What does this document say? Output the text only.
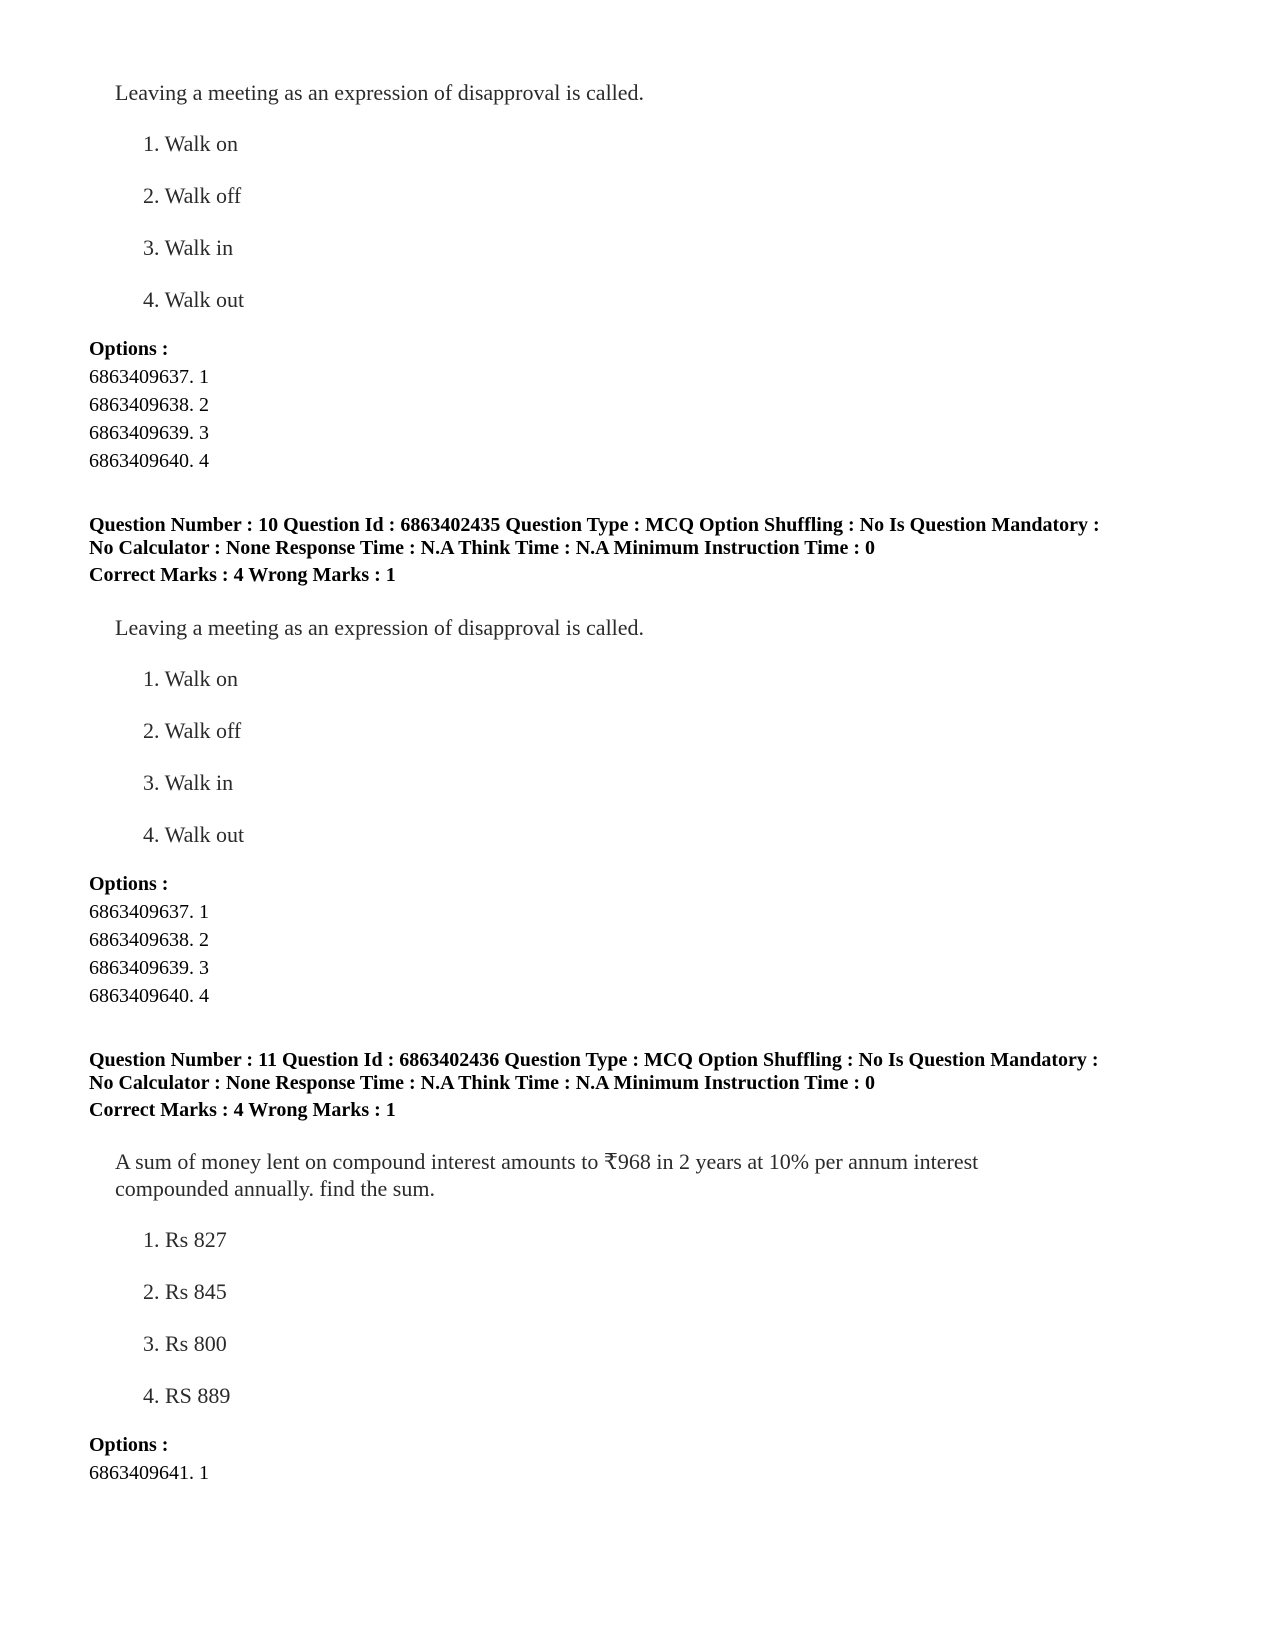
Leaving a meeting as an expression of disapproval is called.
1. Walk on
2. Walk off
3. Walk in
4. Walk out
Options :
6863409637. 1
6863409638. 2
6863409639. 3
6863409640. 4
Question Number : 10 Question Id : 6863402435 Question Type : MCQ Option Shuffling : No Is Question Mandatory :
No Calculator : None Response Time : N.A Think Time : N.A Minimum Instruction Time : 0
Correct Marks : 4 Wrong Marks : 1
Leaving a meeting as an expression of disapproval is called.
1. Walk on
2. Walk off
3. Walk in
4. Walk out
Options :
6863409637. 1
6863409638. 2
6863409639. 3
6863409640. 4
Question Number : 11 Question Id : 6863402436 Question Type : MCQ Option Shuffling : No Is Question Mandatory :
No Calculator : None Response Time : N.A Think Time : N.A Minimum Instruction Time : 0
Correct Marks : 4 Wrong Marks : 1
A sum of money lent on compound interest amounts to ₹968 in 2 years at 10% per annum interest
compounded annually. find the sum.
1. Rs 827
2. Rs 845
3. Rs 800
4. RS 889
Options :
6863409641. 1
